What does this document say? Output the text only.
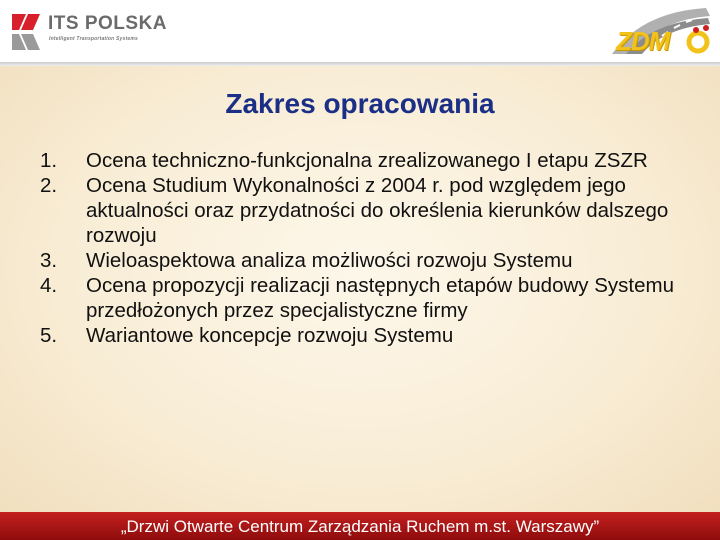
ITS POLSKA
Intelligent Transportation Systems	ZDM
Zakres opracowania
1. Ocena techniczno-funkcjonalna zrealizowanego I etapu ZSZR
2. Ocena Studium Wykonalności z 2004 r. pod względem jego aktualności oraz przydatności do określenia kierunków dalszego rozwoju
3. Wieloaspektowa analiza możliwości rozwoju Systemu
4. Ocena propozycji realizacji następnych etapów budowy Systemu przedłożonych przez specjalistyczne firmy
5. Wariantowe koncepcje rozwoju Systemu
„Drzwi Otwarte Centrum Zarządzania Ruchem m.st. Warszawy”
